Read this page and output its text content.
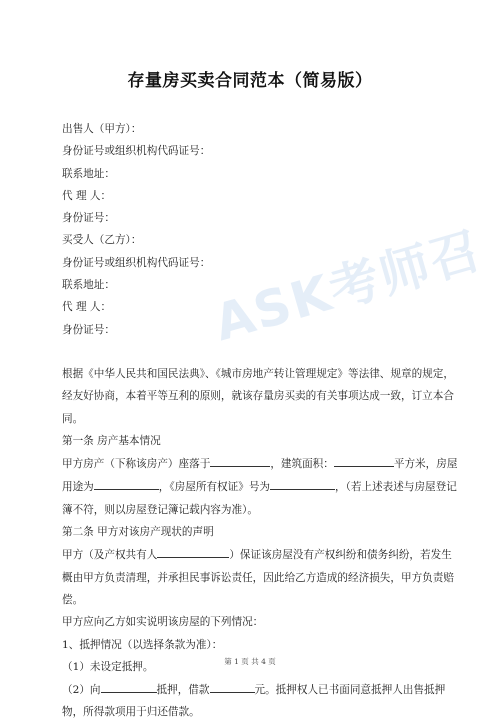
ASK考师召
存量房买卖合同范本（简易版）
出售人（甲方）：
身份证号或组织机构代码证号：
联系地址：
代 理 人：
身份证号：
买受人（乙方）：
身份证号或组织机构代码证号：
联系地址：
代 理 人：
身份证号：
根据《中华人民共和国民法典》、《城市房地产转让管理规定》等法律、规章的规定，经友好协商，本着平等互利的原则，就该存量房买卖的有关事项达成一致，订立本合同。
第一条 房产基本情况
甲方房产（下称该房产）座落于	，建筑面积：	平方米，房屋用途为	，《房屋所有权证》号为	，（若上述表述与房屋登记簿不符，则以房屋登记簿记载内容为准）。
第二条 甲方对该房产现状的声明
甲方（及产权共有人	）保证该房屋没有产权纠纷和债务纠纷，若发生概由甲方负责清理，并承担民事诉讼责任，因此给乙方造成的经济损失，甲方负责赔偿。
甲方应向乙方如实说明该房屋的下列情况：
1、抵押情况（以选择条款为准）：
（1）未设定抵押。
（2）向	抵押，借款	元。抵押权人已书面同意抵押人出售抵押物，所得款项用于归还借款。
第 1 页 共 4 页
